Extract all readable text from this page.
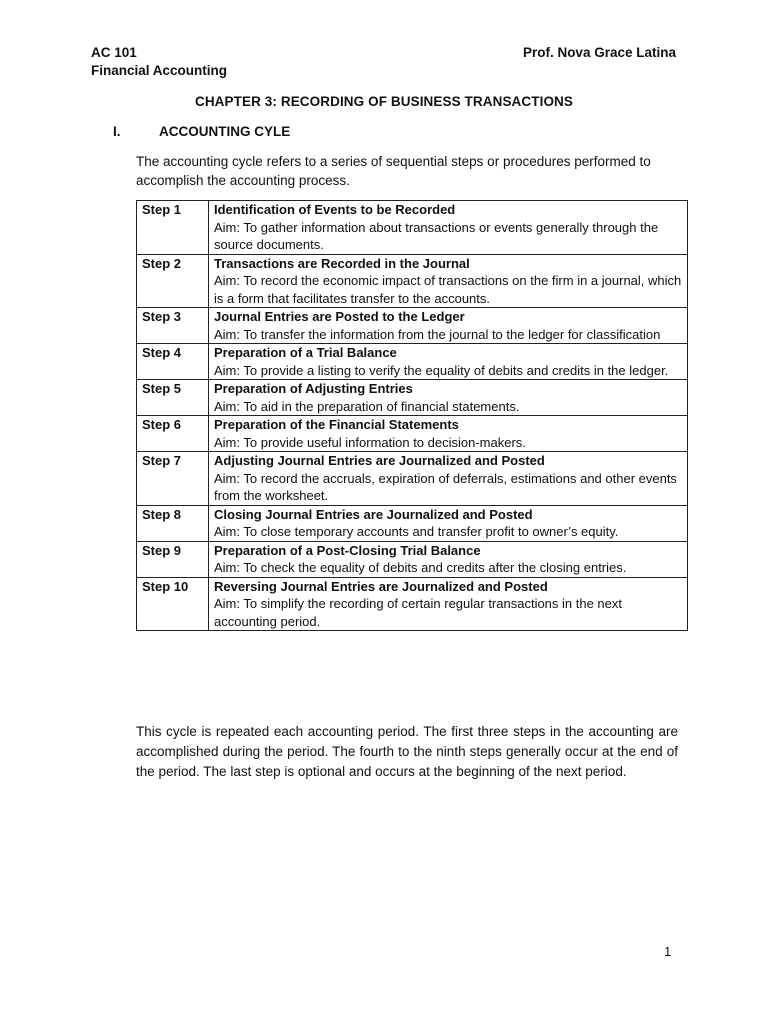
AC 101
Financial Accounting
Prof. Nova Grace Latina
CHAPTER 3: RECORDING OF BUSINESS TRANSACTIONS
I.	ACCOUNTING CYLE
The accounting cycle refers to a series of sequential steps or procedures performed to accomplish the accounting process.
Step 1	Identification of Events to be Recorded
Aim: To gather information about transactions or events generally through the source documents.

Step 2	Transactions are Recorded in the Journal
Aim: To record the economic impact of transactions on the firm in a journal, which is a form that facilitates transfer to the accounts.

Step 3	Journal Entries are Posted to the Ledger
Aim: To transfer the information from the journal to the ledger for classification

Step 4	Preparation of a Trial Balance
Aim: To provide a listing to verify the equality of debits and credits in the ledger.

Step 5	Preparation of Adjusting Entries
Aim: To aid in the preparation of financial statements.

Step 6	Preparation of the Financial Statements
Aim: To provide useful information to decision-makers.

Step 7	Adjusting Journal Entries are Journalized and Posted
Aim: To record the accruals, expiration of deferrals, estimations and other events from the worksheet.

Step 8	Closing Journal Entries are Journalized and Posted
Aim: To close temporary accounts and transfer profit to owner’s equity.

Step 9	Preparation of a Post-Closing Trial Balance
Aim: To check the equality of debits and credits after the closing entries.

Step 10	Reversing Journal Entries are Journalized and Posted
Aim: To simplify the recording of certain regular transactions in the next accounting period.
This cycle is repeated each accounting period. The first three steps in the accounting are accomplished during the period. The fourth to the ninth steps generally occur at the end of the period. The last step is optional and occurs at the beginning of the next period.
1
